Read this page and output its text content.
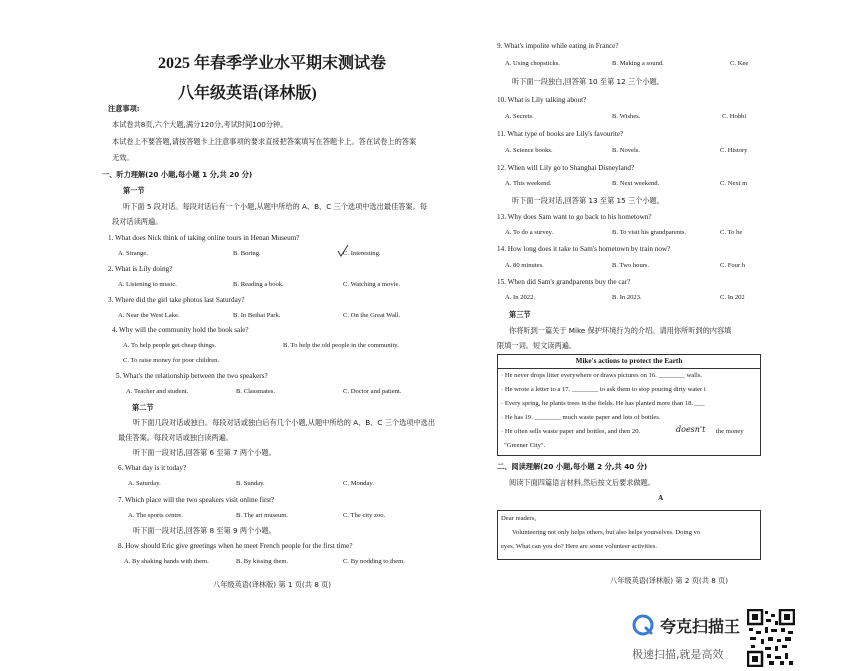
2025 年春季学业水平期末测试卷
八年级英语(译林版)
注意事项:
本试卷共8页,六个大题,满分120分,考试时间100分钟。
本试卷上不要答题,请按答题卡上注意事项的要求直接把答案填写在答题卡上。答在试卷上的答案
无效。
一、听力理解(20 小题,每小题 1 分,共 20 分)
第一节
听下面 5 段对话。每段对话后有一个小题,从题中所给的 A、B、C 三个选项中选出最佳答案。每
段对话读两遍。
1. What does Nick think of taking online tours in Henan Museum?
A. Strange.	B. Boring.	C. Interesting.
2. What is Lily doing?
A. Listening to music.	B. Reading a book.	C. Watching a movie.
3. Where did the girl take photos last Saturday?
A. Near the West Lake.	B. In Beihai Park.	C. On the Great Wall.
4. Why will the community hold the book sale?
A. To help people get cheap things.	B. To help the old people in the community.
C. To raise money for poor children.
5. What's the relationship between the two speakers?
A. Teacher and student.	B. Classmates.	C. Doctor and patient.
第二节
听下面几段对话或独白。每段对话或独白后有几个小题,从题中所给的 A、B、C 三个选项中选出
最佳答案。每段对话或独白读两遍。
听下面一段对话,回答第 6 至第 7 两个小题。
6. What day is it today?
A. Saturday.	B. Sunday.	C. Monday.
7. Which place will the two speakers visit online first?
A. The sports centre.	B. The art museum.	C. The city zoo.
听下面一段对话,回答第 8 至第 9 两个小题。
8. How should Eric give greetings when he meet French people for the first time?
A. By shaking hands with them.	B. By kissing them.	C. By nodding to them.
八年级英语(译林版) 第 1 页(共 8 页)
9. What's impolite while eating in France?
A. Using chopsticks.	B. Making a sound.	C. Kee
听下面一段独白,回答第 10 至第 12 三个小题。
10. What is Lily talking about?
A. Secrets.	B. Wishes.	C. Hobbi
11. What type of books are Lily's favourite?
A. Science books.	B. Novels.	C. History
12. When will Lily go to Shanghai Disneyland?
A. This weekend.	B. Next weekend.	C. Next m
听下面一段对话,回答第 13 至第 15 三个小题。
13. Why does Sam want to go back to his hometown?
A. To do a survey.	B. To visit his grandparents.	C. To be
14. How long does it take to Sam's hometown by train now?
A. 80 minutes.	B. Two hours.	C. Four h
15. When did Sam's grandparents buy the car?
A. In 2022.	B. In 2023.	C. In 202
第三节
你将听到一篇关于 Mike 保护环境行为的介绍。请用你所听到的内容填
限填一词。短文读两遍。
二、阅读理解(20 小题,每小题 2 分,共 40 分)
阅读下面四篇语言材料,然后按文后要求做题。
A
八年级英语(译林版) 第 2 页(共 8 页)
Mike's actions to protect the Earth
· He never drops litter everywhere or draws pictures on 16. ________ walls.
· He wrote a letter to a 17. ________ to ask them to stop pouring dirty water i
· Every spring, he plants trees in the fields. He has planted more than 18. ___
· He has 19. ________ much waste paper and lots of bottles.
· He often sells waste paper and bottles, and then 20.	doesn't the money
"Greener City".
Dear readers,
Volunteering not only helps others, but also helps yourselves. Doing vo
eyes. What can you do? Here are some volunteer activities.
夸克扫描王
极速扫描,就是高效
